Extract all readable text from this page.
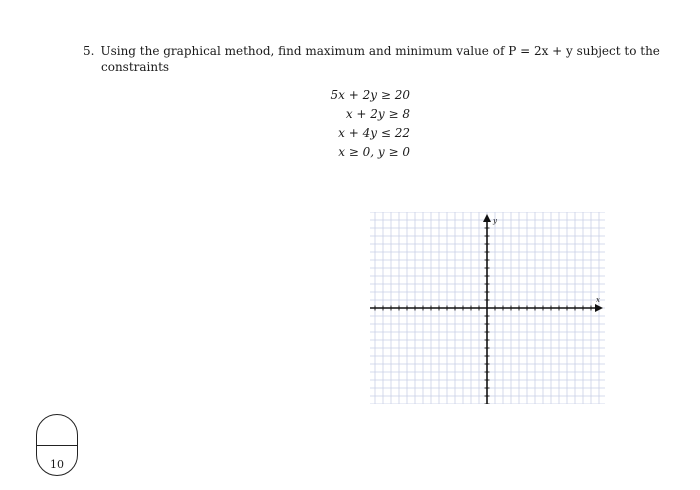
5. Using the graphical method, find maximum and minimum value of P = 2x + y subject to the
constraints
5x + 2y ≥ 20
x + 2y ≥ 8
x + 4y ≤ 22
x ≥ 0, y ≥ 0
x
y
10
